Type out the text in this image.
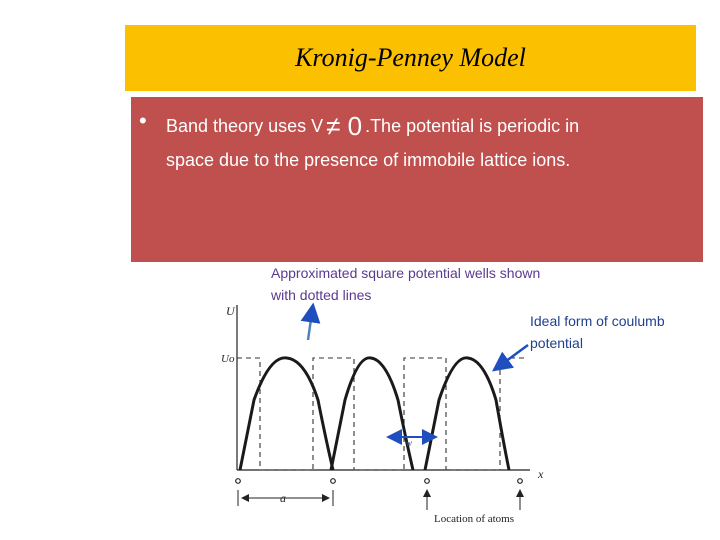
Kronig-Penney Model
• Band theory uses V ≠ 0 .The potential is periodic in
space due to the presence of immobile lattice ions.
Approximated square potential wells shown
with dotted lines
Ideal form of coulumb
potential
U
Uo
x
a
Location of atoms
w
